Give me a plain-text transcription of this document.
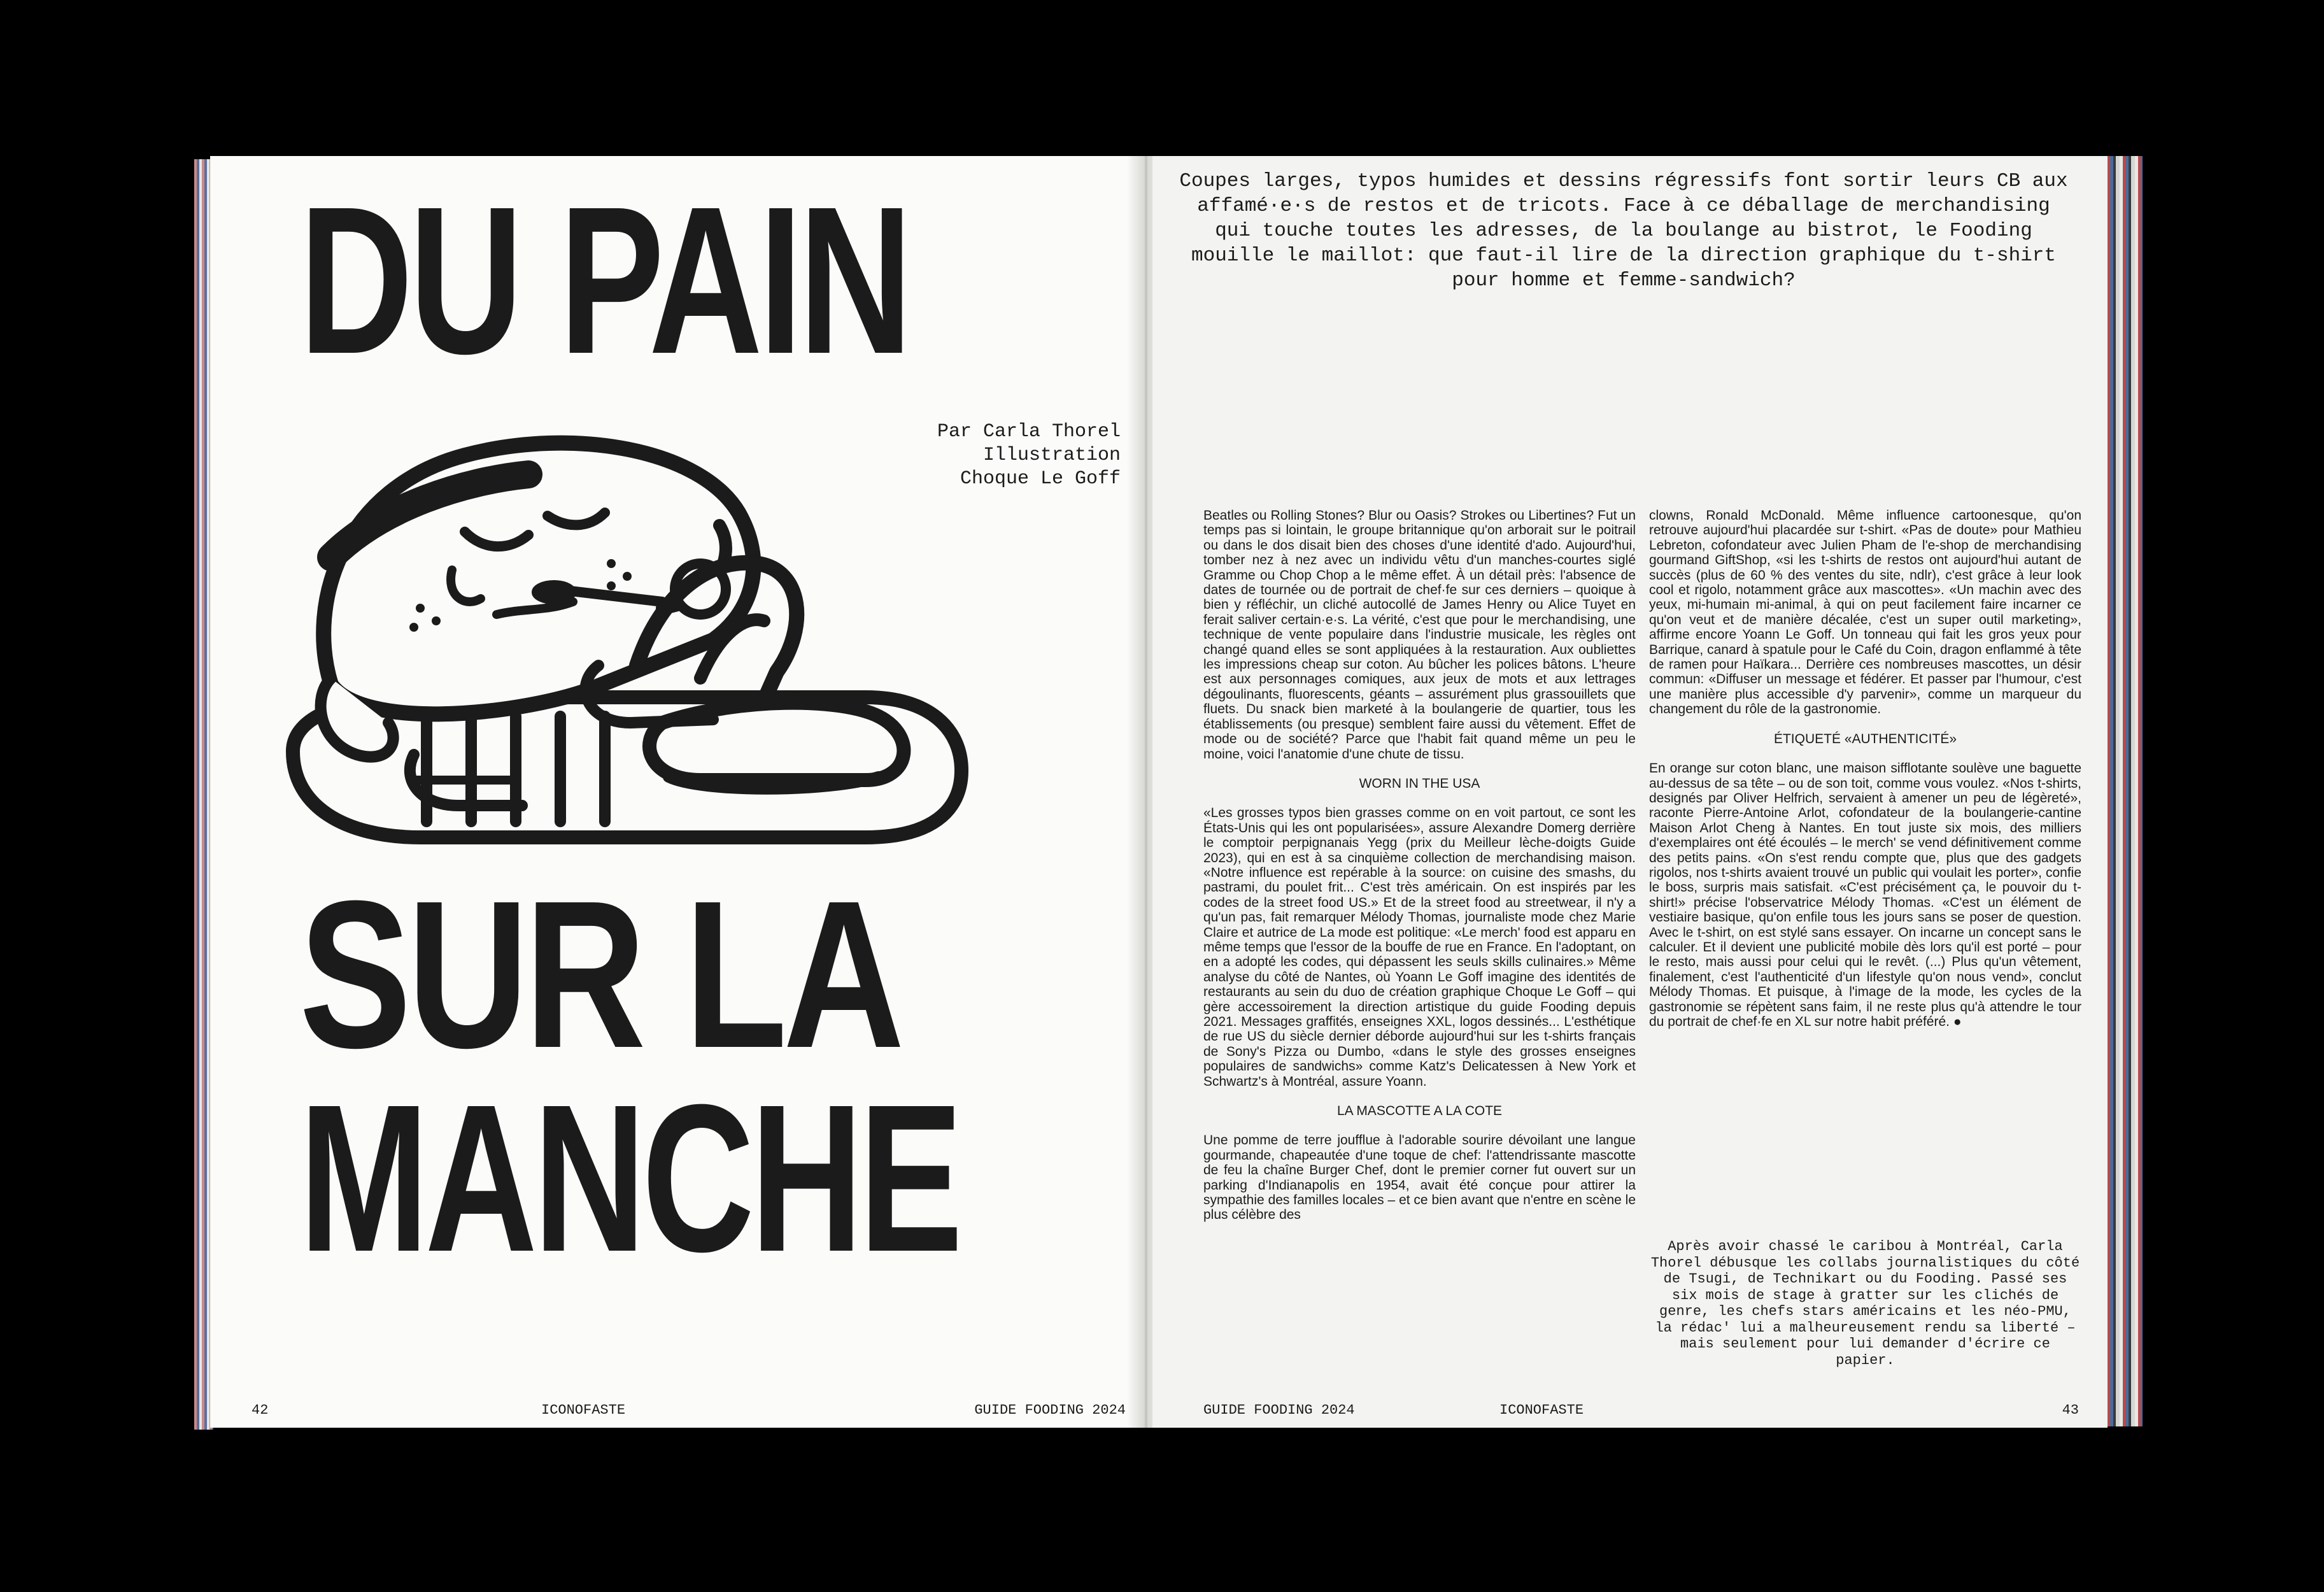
DU PAIN
Par Carla Thorel
Illustration
Choque Le Goff
SUR LA
MANCHE
42	ICONOFASTE	GUIDE FOODING 2024

Coupes larges, typos humides et dessins régressifs font sortir leurs CB aux affamé·e·s de restos et de tricots. Face à ce déballage de merchandising qui touche toutes les adresses, de la boulange au bistrot, le Fooding mouille le maillot: que faut-il lire de la direction graphique du t-shirt pour homme et femme-sandwich?

Beatles ou Rolling Stones? Blur ou Oasis? Strokes ou Libertines? Fut un temps pas si lointain, le groupe britannique qu'on arborait sur le poitrail ou dans le dos disait bien des choses d'une identité d'ado. Aujourd'hui, tomber nez à nez avec un individu vêtu d'un manches-courtes siglé Gramme ou Chop Chop a le même effet. À un détail près: l'absence de dates de tournée ou de portrait de chef·fe sur ces derniers – quoique à bien y réfléchir, un cliché autocollé de James Henry ou Alice Tuyet en ferait saliver certain·e·s. La vérité, c'est que pour le merchandising, une technique de vente populaire dans l'industrie musicale, les règles ont changé quand elles se sont appliquées à la restauration. Aux oubliettes les impressions cheap sur coton. Au bûcher les polices bâtons. L'heure est aux personnages comiques, aux jeux de mots et aux lettrages dégoulinants, fluorescents, géants – assurément plus grassouillets que fluets. Du snack bien marketé à la boulangerie de quartier, tous les établissements (ou presque) semblent faire aussi du vêtement. Effet de mode ou de société? Parce que l'habit fait quand même un peu le moine, voici l'anatomie d'une chute de tissu.

WORN IN THE USA

«Les grosses typos bien grasses comme on en voit partout, ce sont les États-Unis qui les ont popularisées», assure Alexandre Domerg derrière le comptoir perpignanais Yegg (prix du Meilleur lèche-doigts Guide 2023), qui en est à sa cinquième collection de merchandising maison. «Notre influence est repérable à la source: on cuisine des smashs, du pastrami, du poulet frit... C'est très américain. On est inspirés par les codes de la street food US.» Et de la street food au streetwear, il n'y a qu'un pas, fait remarquer Mélody Thomas, journaliste mode chez Marie Claire et autrice de La mode est politique: «Le merch' food est apparu en même temps que l'essor de la bouffe de rue en France. En l'adoptant, on en a adopté les codes, qui dépassent les seuls skills culinaires.» Même analyse du côté de Nantes, où Yoann Le Goff imagine des identités de restaurants au sein du duo de création graphique Choque Le Goff – qui gère accessoirement la direction artistique du guide Fooding depuis 2021. Messages graffités, enseignes XXL, logos dessinés... L'esthétique de rue US du siècle dernier déborde aujourd'hui sur les t-shirts français de Sony's Pizza ou Dumbo, «dans le style des grosses enseignes populaires de sandwichs» comme Katz's Delicatessen à New York et Schwartz's à Montréal, assure Yoann.

LA MASCOTTE A LA COTE

Une pomme de terre joufflue à l'adorable sourire dévoilant une langue gourmande, chapeautée d'une toque de chef: l'attendrissante mascotte de feu la chaîne Burger Chef, dont le premier corner fut ouvert sur un parking d'Indianapolis en 1954, avait été conçue pour attirer la sympathie des familles locales – et ce bien avant que n'entre en scène le plus célèbre des

clowns, Ronald McDonald. Même influence cartoonesque, qu'on retrouve aujourd'hui placardée sur t-shirt. «Pas de doute» pour Mathieu Lebreton, cofondateur avec Julien Pham de l'e-shop de merchandising gourmand GiftShop, «si les t-shirts de restos ont aujourd'hui autant de succès (plus de 60 % des ventes du site, ndlr), c'est grâce à leur look cool et rigolo, notamment grâce aux mascottes». «Un machin avec des yeux, mi-humain mi-animal, à qui on peut facilement faire incarner ce qu'on veut et de manière décalée, c'est un super outil marketing», affirme encore Yoann Le Goff. Un tonneau qui fait les gros yeux pour Barrique, canard à spatule pour le Café du Coin, dragon enflammé à tête de ramen pour Haïkara... Derrière ces nombreuses mascottes, un désir commun: «Diffuser un message et fédérer. Et passer par l'humour, c'est une manière plus accessible d'y parvenir», comme un marqueur du changement du rôle de la gastronomie.

ÉTIQUETÉ «AUTHENTICITÉ»

En orange sur coton blanc, une maison sifflotante soulève une baguette au-dessus de sa tête – ou de son toit, comme vous voulez. «Nos t-shirts, designés par Oliver Helfrich, servaient à amener un peu de légèreté», raconte Pierre-Antoine Arlot, cofondateur de la boulangerie-cantine Maison Arlot Cheng à Nantes. En tout juste six mois, des milliers d'exemplaires ont été écoulés – le merch' se vend définitivement comme des petits pains. «On s'est rendu compte que, plus que des gadgets rigolos, nos t-shirts avaient trouvé un public qui voulait les porter», confie le boss, surpris mais satisfait. «C'est précisément ça, le pouvoir du t-shirt!» précise l'observatrice Mélody Thomas. «C'est un élément de vestiaire basique, qu'on enfile tous les jours sans se poser de question. Avec le t-shirt, on est stylé sans essayer. On incarne un concept sans le calculer. Et il devient une publicité mobile dès lors qu'il est porté – pour le resto, mais aussi pour celui qui le revêt. (...) Plus qu'un vêtement, finalement, c'est l'authenticité d'un lifestyle qu'on nous vend», conclut Mélody Thomas. Et puisque, à l'image de la mode, les cycles de la gastronomie se répètent sans faim, il ne reste plus qu'à attendre le tour du portrait de chef·fe en XL sur notre habit préféré. ●

Après avoir chassé le caribou à Montréal, Carla Thorel débusque les collabs journalistiques du côté de Tsugi, de Technikart ou du Fooding. Passé ses six mois de stage à gratter sur les clichés de genre, les chefs stars américains et les néo-PMU, la rédac' lui a malheureusement rendu sa liberté – mais seulement pour lui demander d'écrire ce papier.

GUIDE FOODING 2024	ICONOFASTE	43
